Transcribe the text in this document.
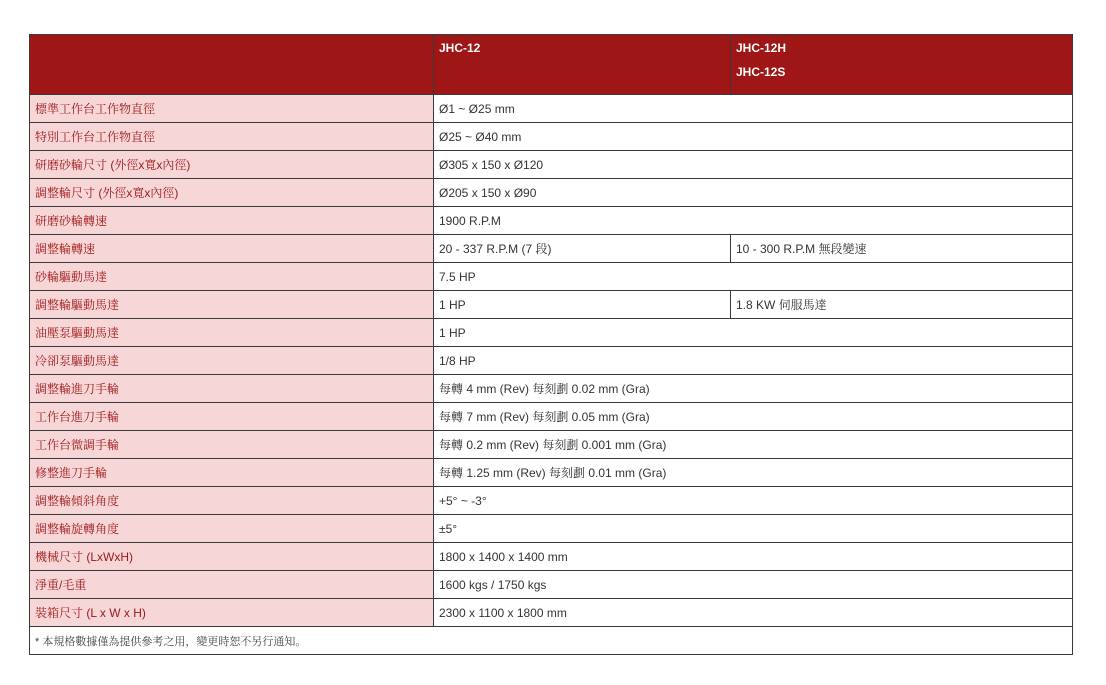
	JHC-12	JHC-12H
JHC-12S

標準工作台工作物直徑	Ø1 ~ Ø25 mm	
特別工作台工作物直徑	Ø25 ~ Ø40 mm	
研磨砂輪尺寸 (外徑x寬x內徑)	Ø305 x 150 x Ø120	
調整輪尺寸 (外徑x寬x內徑)	Ø205 x 150 x Ø90	
研磨砂輪轉速	1900 R.P.M	
調整輪轉速	20 - 337 R.P.M (7 段)	10 - 300 R.P.M 無段變速
砂輪驅動馬達	7.5 HP	
調整輪驅動馬達	1 HP	1.8 KW 伺服馬達
油壓泵驅動馬達	1 HP	
冷卻泵驅動馬達	1/8 HP	
調整輪進刀手輪	每轉 4 mm (Rev) 每刻劃 0.02 mm (Gra)	
工作台進刀手輪	每轉 7 mm (Rev) 每刻劃 0.05 mm (Gra)	
工作台微調手輪	每轉 0.2 mm (Rev) 每刻劃 0.001 mm (Gra)	
修整進刀手輪	每轉 1.25 mm (Rev) 每刻劃 0.01 mm (Gra)	
調整輪傾斜角度	+5° ~ -3°	
調整輪旋轉角度	±5°	
機械尺寸 (LxWxH)	1800 x 1400 x 1400 mm	
淨重/毛重	1600 kgs / 1750 kgs	
裝箱尺寸 (L x W x H)	2300 x 1100 x 1800 mm	
* 本規格數據僅為提供參考之用，變更時恕不另行通知。		
